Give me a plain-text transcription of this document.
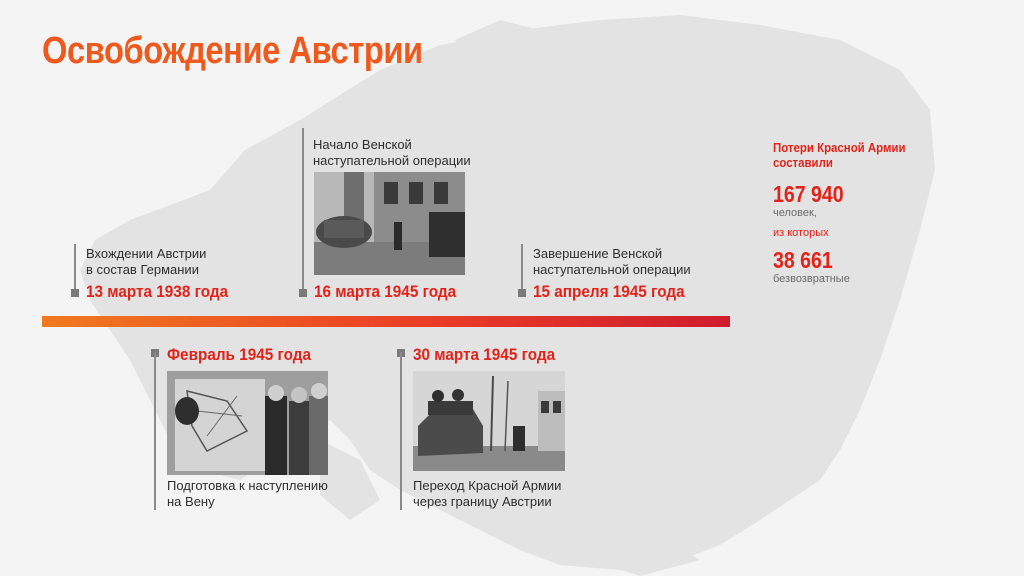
Освобождение Австрии
Вхождении Австрии
в состав Германии
13 марта 1938 года
Начало Венской
наступательной операции
16 марта 1945 года
Завершение Венской
наступательной операции
15 апреля 1945 года
Февраль 1945 года
Подготовка к наступлению
на Вену
30 марта 1945 года
Переход Красной Армии
через границу Австрии
Потери Красной Армии
составили
167 940
человек,
из которых
38 661
безвозвратные
